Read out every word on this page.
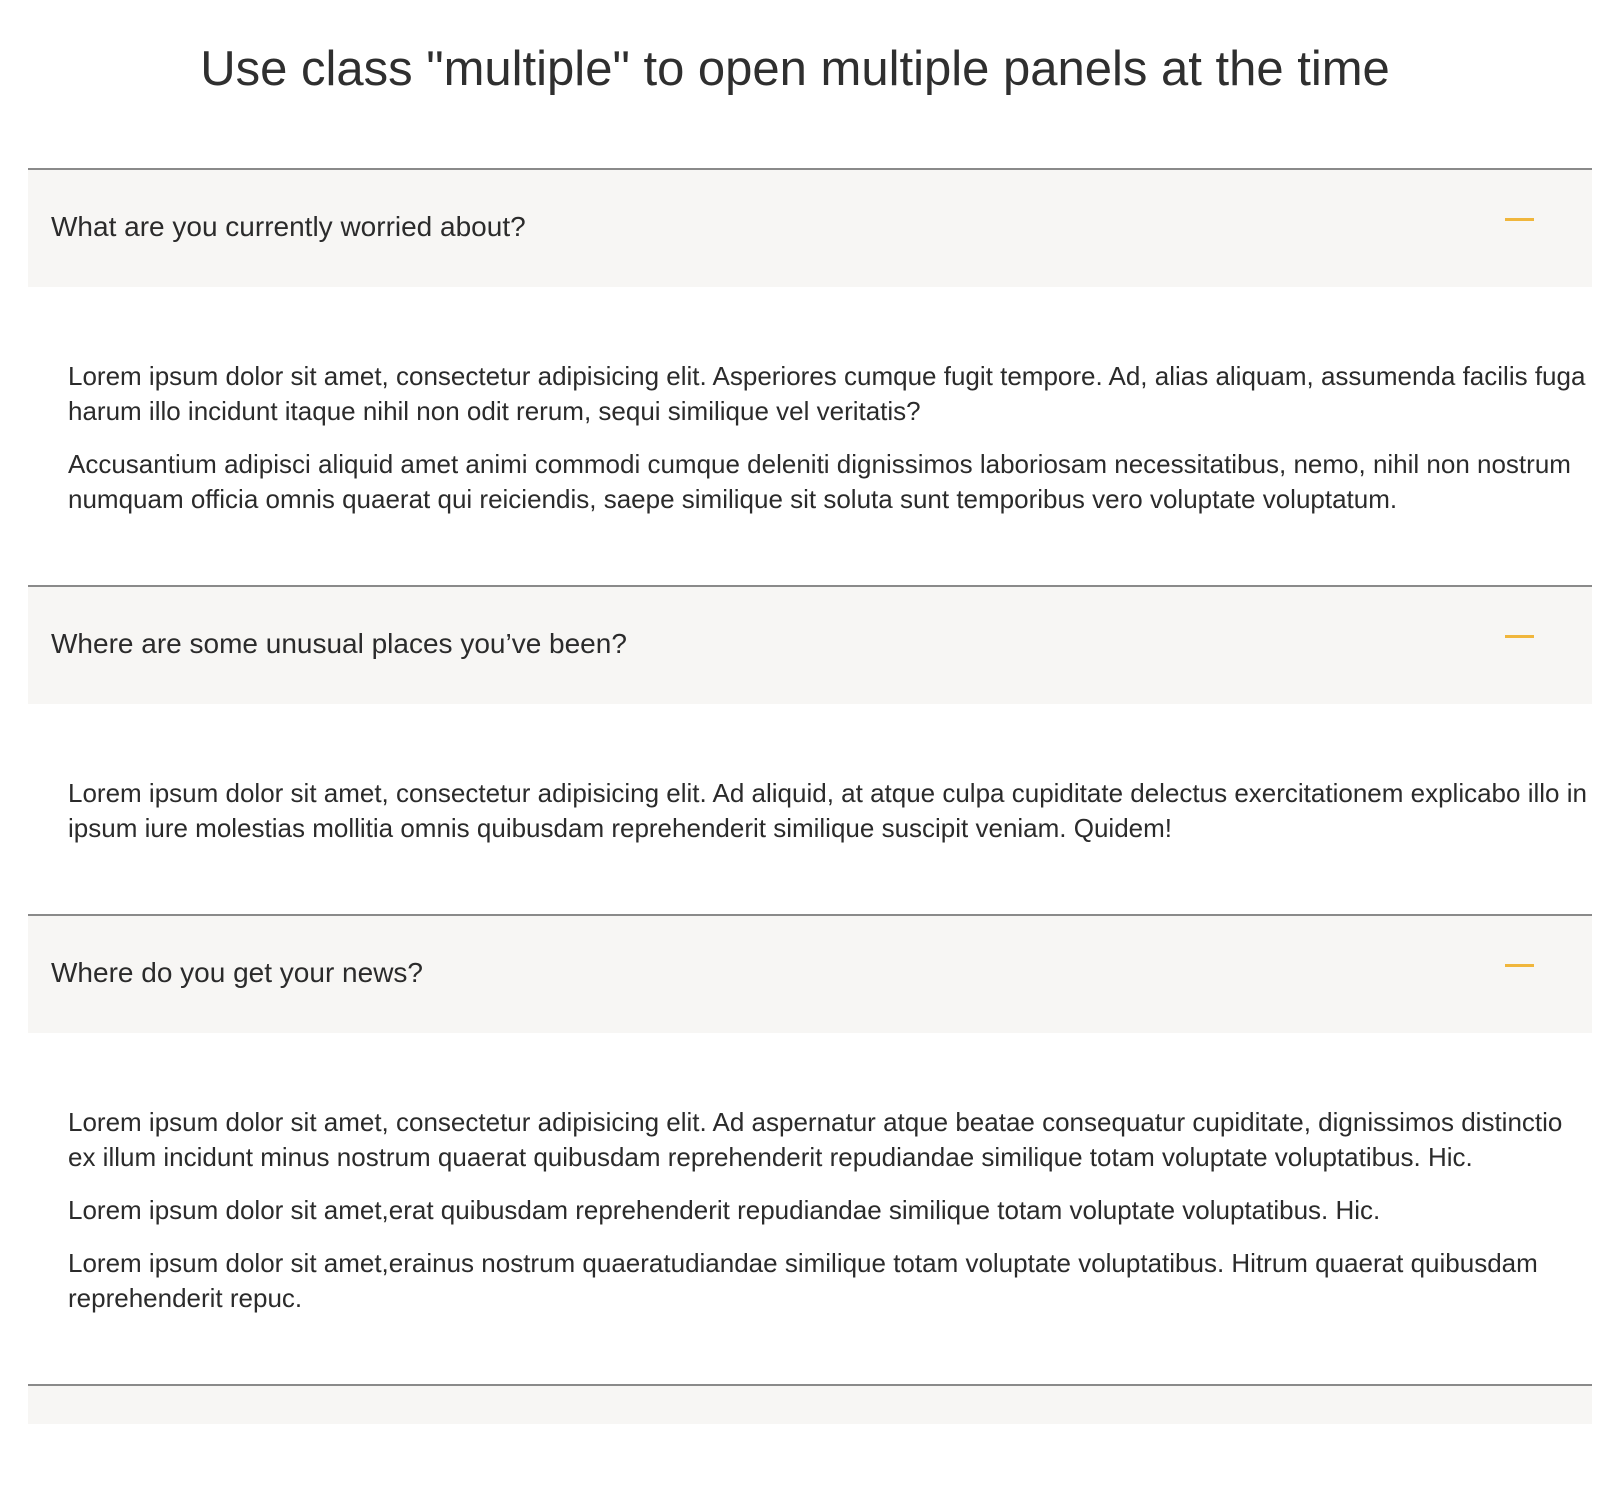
Use class "multiple" to open multiple panels at the time
What are you currently worried about?

Lorem ipsum dolor sit amet, consectetur adipisicing elit. Asperiores cumque fugit tempore. Ad, alias aliquam, assumenda facilis fuga harum illo incidunt itaque nihil non odit rerum, sequi similique vel veritatis?

Accusantium adipisci aliquid amet animi commodi cumque deleniti dignissimos laboriosam necessitatibus, nemo, nihil non nostrum numquam officia omnis quaerat qui reiciendis, saepe similique sit soluta sunt temporibus vero voluptate voluptatum.

Where are some unusual places you’ve been?

Lorem ipsum dolor sit amet, consectetur adipisicing elit. Ad aliquid, at atque culpa cupiditate delectus exercitationem explicabo illo in ipsum iure molestias mollitia omnis quibusdam reprehenderit similique suscipit veniam. Quidem!

Where do you get your news?

Lorem ipsum dolor sit amet, consectetur adipisicing elit. Ad aspernatur atque beatae consequatur cupiditate, dignissimos distinctio ex illum incidunt minus nostrum quaerat quibusdam reprehenderit repudiandae similique totam voluptate voluptatibus. Hic.

Lorem ipsum dolor sit amet,erat quibusdam reprehenderit repudiandae similique totam voluptate voluptatibus. Hic.

Lorem ipsum dolor sit amet,erainus nostrum quaeratudiandae similique totam voluptate voluptatibus. Hitrum quaerat quibusdam reprehenderit repuc.
